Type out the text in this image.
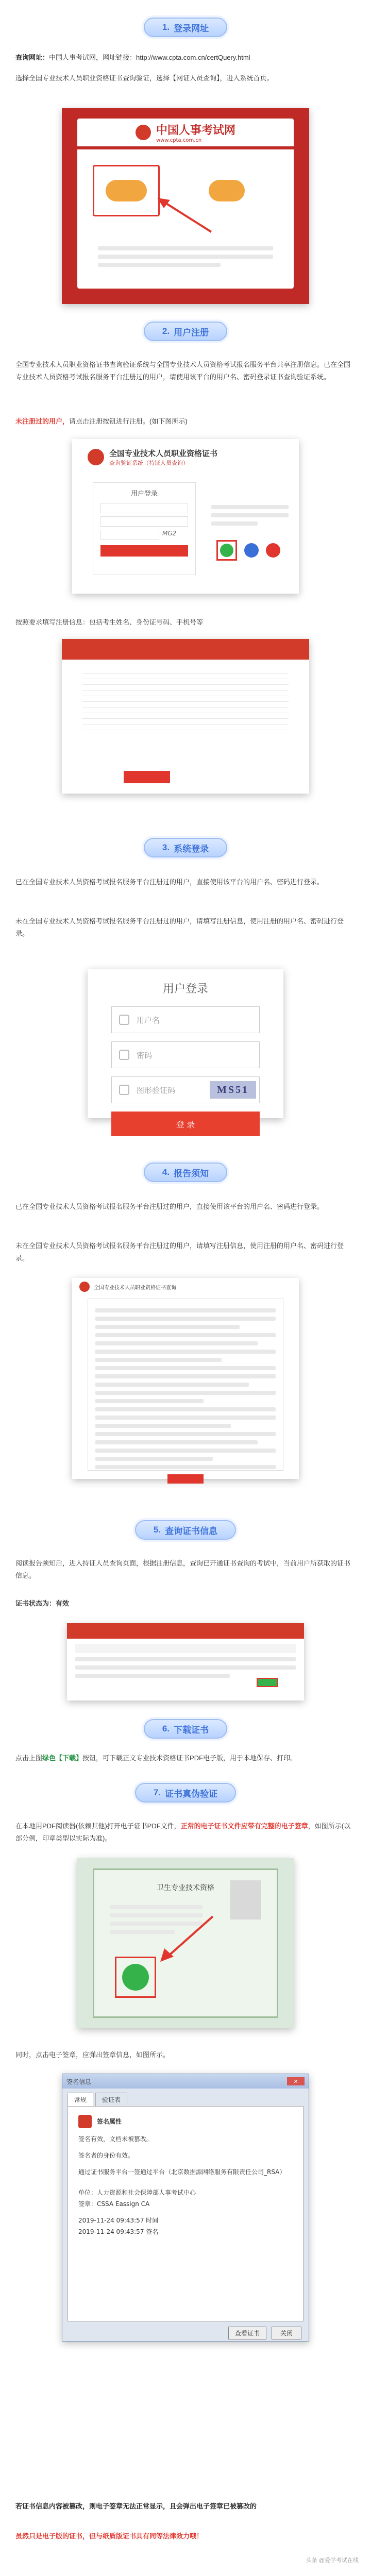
1. 登录网址
查询网址：中国人事考试网，网址链接：http://www.cpta.com.cn/certQuery.html
选择全国专业技术人员职业资格证书查询验证，选择【网证人员查询】，进入系统首页。
中国人事考试网
www.cpta.com.cn
2. 用户注册
全国专业技术人员职业资格证书查询验证系统与全国专业技术人员资格考试报名服务平台共享注册信息。已在全国专业技术人员资格考试报名服务平台注册过的用户，请使用该平台的用户名、密码登录证书查询验证系统。
未注册过的用户，请点击注册按钮进行注册。(如下图所示)
全国专业技术人员职业资格证书
查询验证系统（持证人员查询）
用户登录
MG2
按照要求填写注册信息：包括考生姓名、身份证号码、手机号等
3. 系统登录
已在全国专业技术人员资格考试报名服务平台注册过的用户，直接使用该平台的用户名、密码进行登录。
未在全国专业技术人员资格考试报名服务平台注册过的用户，请填写注册信息，使用注册的用户名、密码进行登录。
用户登录
用户名
密码
图形验证码	MS51
登 录
4. 报告须知
已在全国专业技术人员资格考试报名服务平台注册过的用户，直接使用该平台的用户名、密码进行登录。
未在全国专业技术人员资格考试报名服务平台注册过的用户，请填写注册信息，使用注册的用户名、密码进行登录。
全国专业技术人员职业资格证书查询
5. 查询证书信息
阅读报告须知后，进入持证人员查询页面，根据注册信息，查询已开通证书查询的考试中，当前用户所获取的证书信息。
证书状态为：有效
6. 下载证书
点击上图绿色【下载】按钮，可下载正文专业技术资格证书PDF电子版，用于本地保存、打印。
7. 证书真伪验证
在本地用PDF阅读器(依赖其他)打开电子证书PDF文件，正常的电子证书文件应带有完整的电子签章，如图所示(以部分例，印章类型以实际为准)。
卫生专业技术资格
同时，点击电子签章，应弹出签章信息，如图所示。
签名信息	✕
常规	验证表
签名属性
签名有效，文档未被篡改。
签名者的身份有效。
通过证书服务平台一签通过平台（北京数据源网络服务有限责任公司_RSA）
单位：人力资源和社会保障部人事考试中心
签章：CSSA Eassign CA
2019-11-24 09:43:57 时间
2019-11-24 09:43:57 签名
查看证书	关闭
若证书信息内容被篡改，则电子签章无法正常显示，且会弹出电子签章已被篡改的
虽然只是电子版的证书，但与纸质版证书具有同等法律效力哦！
头条 @爱学考试在线
